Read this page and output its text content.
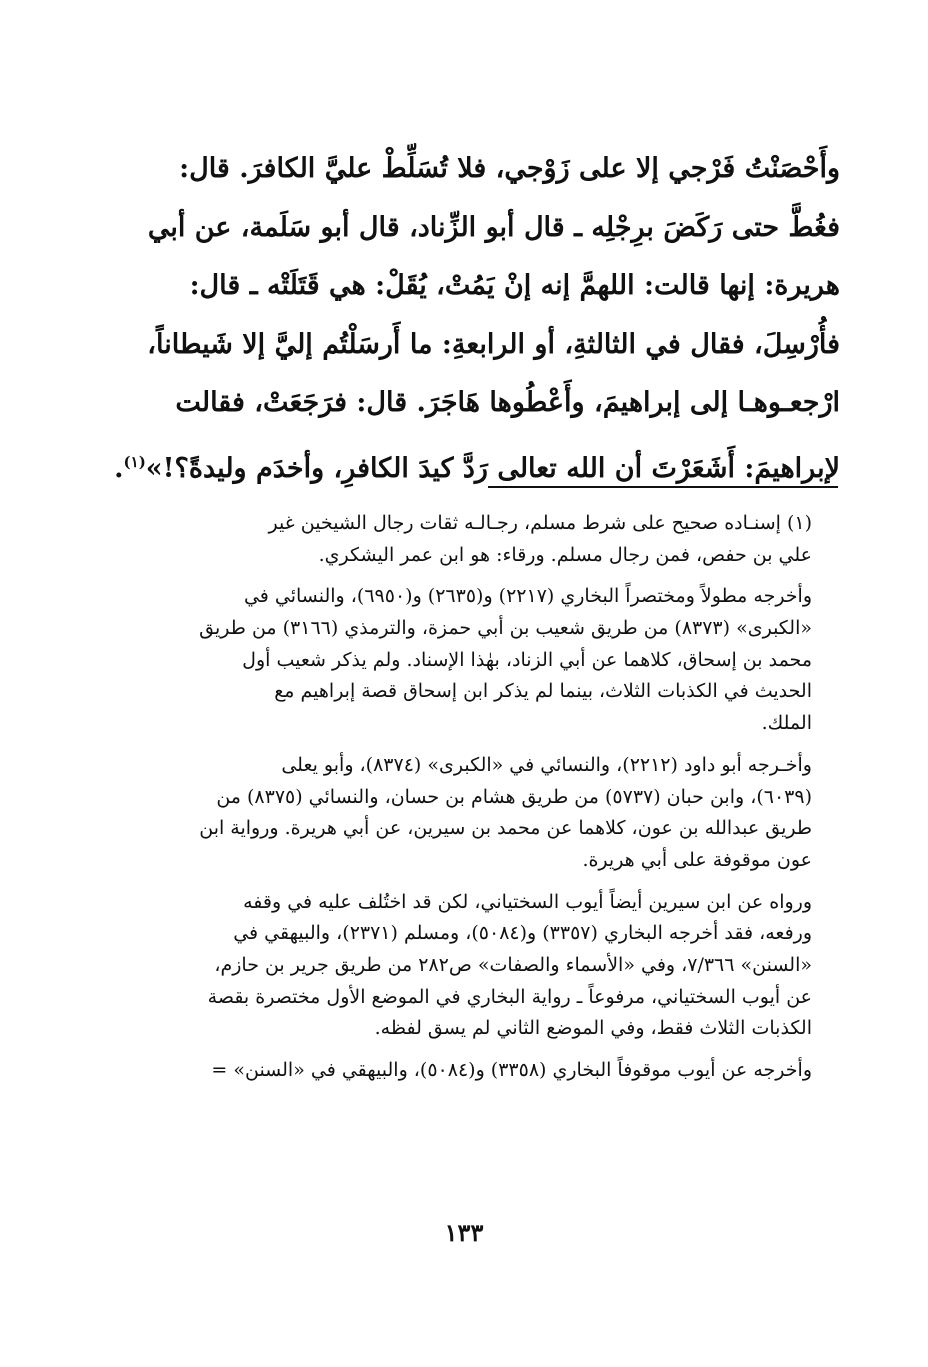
وأَحْصَنْتُ فَرْجي إلا على زَوْجي، فلا تُسَلِّطْ عليَّ الكافرَ. قال:
فغُطَّ حتى رَكَضَ برِجْلِه ـ قال أبو الزِّناد، قال أبو سَلَمة، عن أبي
هريرة: إنها قالت: اللهمَّ إنه إنْ يَمُتْ، يُقَلْ: هي قَتَلَتْه ـ قال:
فأُرْسِلَ، فقال في الثالثةِ، أو الرابعةِ: ما أَرسَلْتُم إليَّ إلا شَيطاناً،
ارْجعـوهـا إلى إبراهيمَ، وأَعْطُوها هَاجَرَ. قال: فرَجَعَتْ، فقالت
لإبراهيمَ: أَشَعَرْتَ أن الله تعالى رَدَّ كيدَ الكافرِ، وأخدَم وليدةً؟!»$^{(١)}$.
(١) إسنـاده صحيح على شرط مسلم، رجـالـه ثقات رجال الشيخين غير
علي بن حفص، فمن رجال مسلم. ورقاء: هو ابن عمر اليشكري.
وأخرجه مطولاً ومختصراً البخاري (٢٢١٧) و(٢٦٣٥) و(٦٩٥٠)، والنسائي في
«الكبرى» (٨٣٧٣) من طريق شعيب بن أبي حمزة، والترمذي (٣١٦٦) من طريق
محمد بن إسحاق، كلاهما عن أبي الزناد، بهٰذا الإسناد. ولم يذكر شعيب أول
الحديث في الكذبات الثلاث، بينما لم يذكر ابن إسحاق قصة إبراهيم مع
الملك.
وأخـرجه أبو داود (٢٢١٢)، والنسائي في «الكبرى» (٨٣٧٤)، وأبو يعلى
(٦٠٣٩)، وابن حبان (٥٧٣٧) من طريق هشام بن حسان، والنسائي (٨٣٧٥) من
طريق عبدالله بن عون، كلاهما عن محمد بن سيرين، عن أبي هريرة. ورواية ابن
عون موقوفة على أبي هريرة.
ورواه عن ابن سيرين أيضاً أيوب السختياني، لكن قد اختُلف عليه في وقفه
ورفعه، فقد أخرجه البخاري (٣٣٥٧) و(٥٠٨٤)، ومسلم (٢٣٧١)، والبيهقي في
«السنن» ٧/٣٦٦، وفي «الأسماء والصفات» ص٢٨٢ من طريق جرير بن حازم،
عن أيوب السختياني، مرفوعاً ـ رواية البخاري في الموضع الأول مختصرة بقصة
الكذبات الثلاث فقط، وفي الموضع الثاني لم يسق لفظه.
وأخرجه عن أيوب موقوفاً البخاري (٣٣٥٨) و(٥٠٨٤)، والبيهقي في «السنن» =
١٣٣
